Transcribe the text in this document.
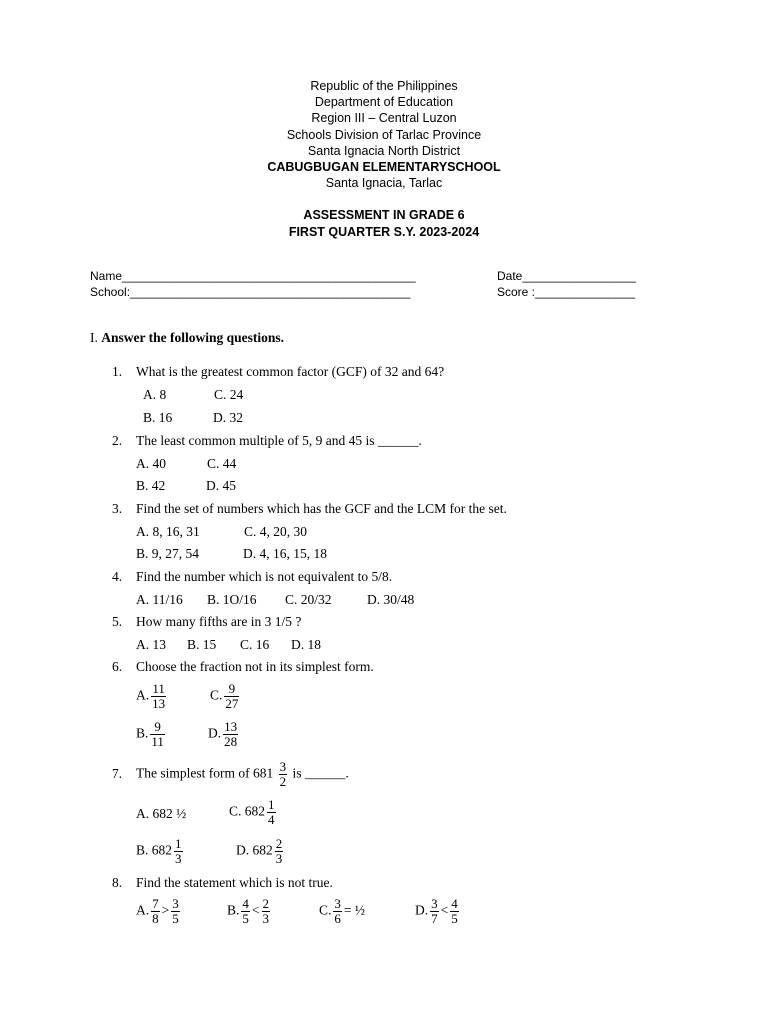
Republic of the Philippines
Department of Education
Region III – Central Luzon
Schools Division of Tarlac Province
Santa Ignacia North District
CABUGBUGAN ELEMENTARYSCHOOL
Santa Ignacia, Tarlac
ASSESSMENT IN GRADE 6
FIRST QUARTER S.Y. 2023-2024
Name____________________________________________	Date_________________
School:__________________________________________	Score :_______________
I. Answer the following questions.
1. What is the greatest common factor (GCF) of 32 and 64?
A. 8	C. 24
B. 16	D. 32
2. The least common multiple of 5, 9 and 45 is ______.
A. 40	C. 44
B. 42	D. 45
3. Find the set of numbers which has the GCF and the LCM for the set.
A. 8, 16, 31	C. 4, 20, 30
B. 9, 27, 54	D. 4, 16, 15, 18
4. Find the number which is not equivalent to 5/8.
A. 11/16 B. 1O/16 C. 20/32	D. 30/48
5. How many fifths are in 3 1/5 ?
A. 13 B. 15 C. 16 D. 18
6. Choose the fraction not in its simplest form.
A. $\frac{11}{13}$	C. $\frac{9}{27}$
B. $\frac{9}{11}$	D. $\frac{13}{28}$
7. The simplest form of $681 \frac{3}{2}$ is ______.
A. 682 ½	C. $682 \frac{1}{4}$
B. $682 \frac{1}{3}$	D. $682 \frac{2}{3}$
8. Find the statement which is not true.
A. $\frac{7}{8} > \frac{3}{5}$	B. $\frac{4}{5} < \frac{2}{3}$	C. $\frac{3}{6}$ = ½	D. $\frac{3}{7} < \frac{4}{5}$
